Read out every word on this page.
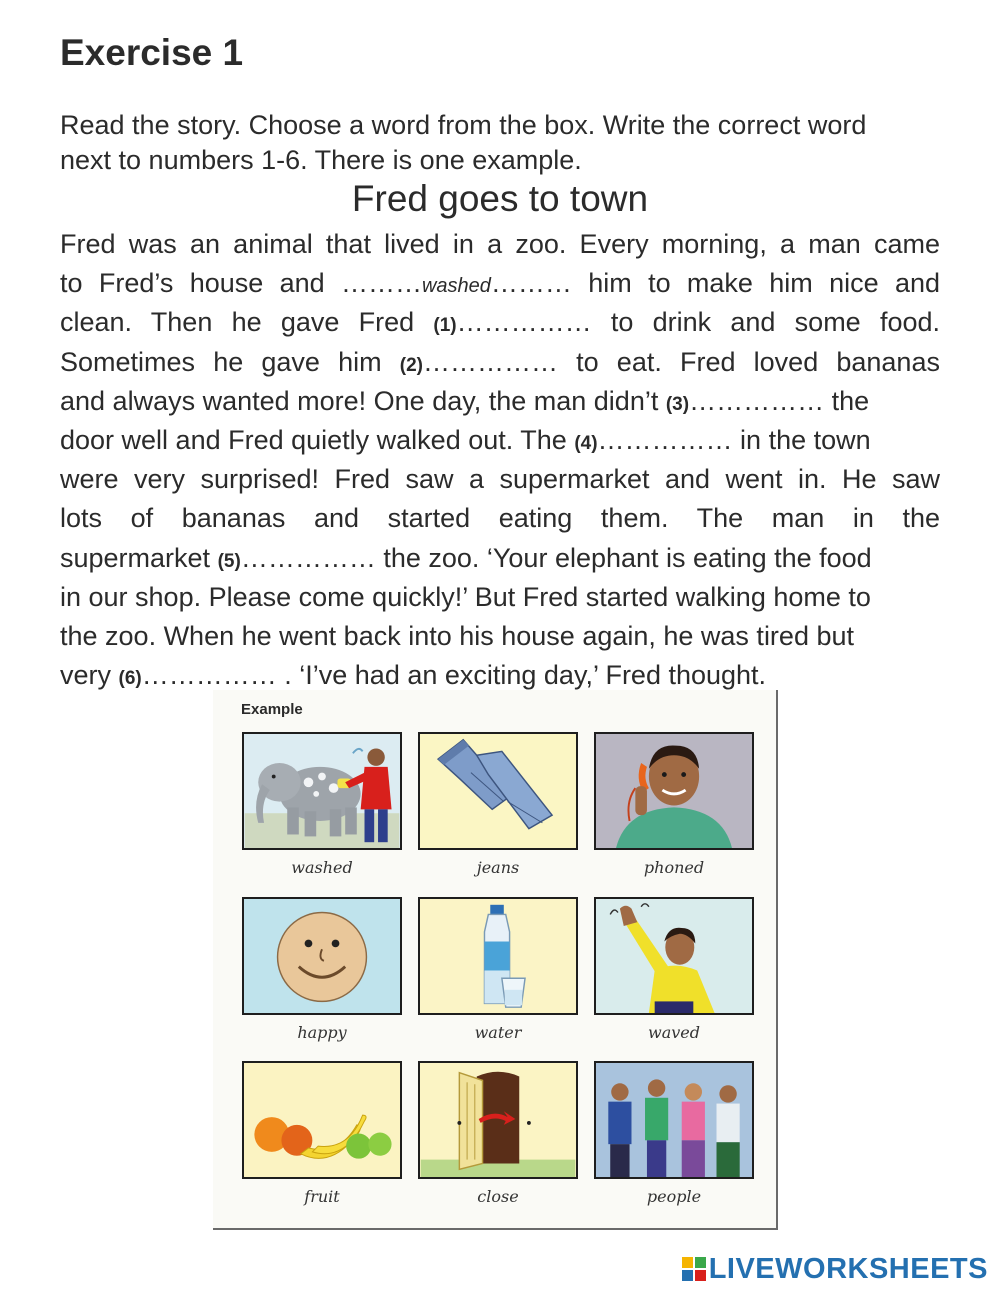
Exercise 1
Read the story. Choose a word from the box. Write the correct word
next to numbers 1-6. There is one example.
Fred goes to town
Fred was an animal that lived in a zoo. Every morning, a man came
to Fred’s house and ………washed……… him to make him nice and
clean. Then he gave Fred (1)…………… to drink and some food.
Sometimes he gave him (2)…………… to eat. Fred loved bananas
and always wanted more! One day, the man didn’t (3)…………… the
door well and Fred quietly walked out. The (4)…………… in the town
were very surprised! Fred saw a supermarket and went in. He saw
lots of bananas and started eating them. The man in the
supermarket (5)…………… the zoo. ‘Your elephant is eating the food
in our shop. Please come quickly!’ But Fred started walking home to
the zoo. When he went back into his house again, he was tired but
very (6)…………… . ‘I’ve had an exciting day,’ Fred thought.
Example
washed	jeans	phoned
happy	water	waved
fruit	close	people
LIVEWORKSHEETS
